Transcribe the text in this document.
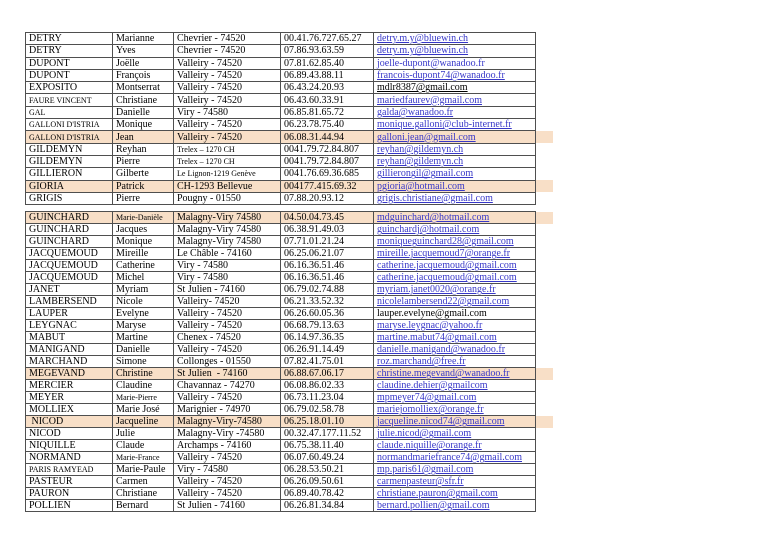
DETRY	Marianne	Chevrier - 74520	00.41.76.727.65.27	detry.m.y@bluewin.ch	
DETRY	Yves	Chevrier - 74520	07.86.93.63.59	detry.m.y@bluewin.ch	
DUPONT	Joëlle	Valleiry - 74520	07.81.62.85.40	joelle-dupont@wanadoo.fr	
DUPONT	François	Valleiry - 74520	06.89.43.88.11	francois-dupont74@wanadoo.fr	
EXPOSITO	Montserrat	Valleiry - 74520	06.43.24.20.93	mdlr8387@gmail.com	
FAURE VINCENT	Christiane	Valleiry - 74520	06.43.60.33.91	mariedfaurev@gmail.com	
GAL	Danielle	Viry - 74580	06.85.81.65.72	galda@wanadoo.fr	
GALLONI D'ISTRIA	Monique	Valleiry - 74520	06.23.78.75.40	monique.galloni@club-internet.fr	
GALLONI D'ISTRIA	Jean	Valleiry - 74520	06.08.31.44.94	galloni.jean@gmail.com	
GILDEMYN	Reyhan	Trelex – 1270 CH	0041.79.72.84.807	reyhan@gildemyn.ch	
GILDEMYN	Pierre	Trelex – 1270 CH	0041.79.72.84.807	reyhan@gildemyn.ch	
GILLIERON	Gilberte	Le Lignon-1219 Genève	0041.76.69.36.685	gillierongil@gmail.com	
GIORIA	Patrick	CH-1293 Bellevue	004177.415.69.32	pgioria@hotmail.com	
GRIGIS	Pierre	Pougny - 01550	07.88.20.93.12	grigis.christiane@gmail.com	
GUINCHARD	Marie-Danièle	Malagny-Viry 74580	04.50.04.73.45	mdguinchard@hotmail.com	
GUINCHARD	Jacques	Malagny-Viry 74580	06.38.91.49.03	guinchardj@hotmail.com	
GUINCHARD	Monique	Malagny-Viry 74580	07.71.01.21.24	moniqueguinchard28@gmail.com	
JACQUEMOUD	Mireille	Le Châble - 74160	06.25.06.21.07	mireille.jacquemoud7@orange.fr	
JACQUEMOUD	Catherine	Viry - 74580	06.16.36.51.46	catherine.jacquemoud@gmail.com	
JACQUEMOUD	Michel	Viry - 74580	06.16.36.51.46	catherine.jacquemoud@gmail.com	
JANET	Myriam	St Julien - 74160	06.79.02.74.88	myriam.janet0020@orange.fr	
LAMBERSEND	Nicole	Valleiry- 74520	06.21.33.52.32	nicolelambersend22@gmail.com	
LAUPER	Evelyne	Valleiry - 74520	06.26.60.05.36	lauper.evelyne@gmail.com	
LEYGNAC	Maryse	Valleiry - 74520	06.68.79.13.63	maryse.leygnac@yahoo.fr	
MABUT	Martine	Chenex - 74520	06.14.97.36.35	martine.mabut74@gmail.com	
MANIGAND	Danielle	Valleiry - 74520	06.26.91.14.49	danielle.manigand@wanadoo.fr	
MARCHAND	Simone	Collonges - 01550	07.82.41.75.01	roz.marchand@free.fr	
MEGEVAND	Christine	St Julien  - 74160	06.88.67.06.17	christine.megevand@wanadoo.fr	
MERCIER	Claudine	Chavannaz - 74270	06.08.86.02.33	claudine.dehier@gmailcom	
MEYER	Marie-Pierre	Valleiry - 74520	06.73.11.23.04	mpmeyer74@gmail.com	
MOLLIEX	Marie José	Marignier - 74970	06.79.02.58.78	mariejomolliex@orange.fr	
NICOD	Jacqueline	Malagny-Viry-74580	06.25.18.01.10	jacqueline.nicod74@gmail.com	
NICOD	Julie	Malagny-Viry -74580	00.32.47.177.11.52	julie.nicod@gmail.com	
NIQUILLE	Claude	Archamps - 74160	06.75.38.11.40	claude.niquille@orange.fr	
NORMAND	Marie-France	Valleiry - 74520	06.07.60.49.24	normandmariefrance74@gmail.com	
PARIS RAMYEAD	Marie-Paule	Viry - 74580	06.28.53.50.21	mp.paris61@gmail.com	
PASTEUR	Carmen	Valleiry - 74520	06.26.09.50.61	carmenpasteur@sfr.fr	
PAURON	Christiane	Valleiry - 74520	06.89.40.78.42	christiane.pauron@gmail.com	
POLLIEN	Bernard	St Julien - 74160	06.26.81.34.84	bernard.pollien@gmail.com	
